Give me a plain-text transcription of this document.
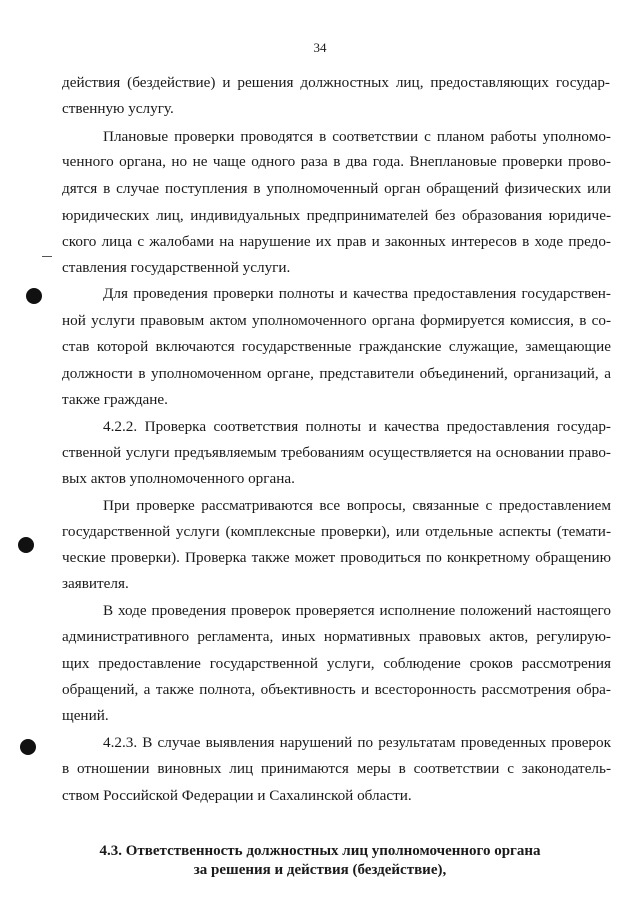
34
действия (бездействие) и решения должностных лиц, предоставляющих государ-
ственную услугу.
Плановые проверки проводятся в соответствии с планом работы уполномо-
ченного органа, но не чаще одного раза в два года. Внеплановые проверки прово-
дятся в случае поступления в уполномоченный орган обращений физических или
юридических лиц, индивидуальных предпринимателей без образования юридиче-
ского лица с жалобами на нарушение их прав и законных интересов в ходе предо-
ставления государственной услуги.
Для проведения проверки полноты и качества предоставления государствен-
ной услуги правовым актом уполномоченного органа формируется комиссия, в со-
став которой включаются государственные гражданские служащие, замещающие
должности в уполномоченном органе, представители объединений, организаций, а
также граждане.
4.2.2. Проверка соответствия полноты и качества предоставления государ-
ственной услуги предъявляемым требованиям осуществляется на основании право-
вых актов уполномоченного органа.
При проверке рассматриваются все вопросы, связанные с предоставлением
государственной услуги (комплексные проверки), или отдельные аспекты (темати-
ческие проверки). Проверка также может проводиться по конкретному обращению
заявителя.
В ходе проведения проверок проверяется исполнение положений настоящего
административного регламента, иных нормативных правовых актов, регулирую-
щих предоставление государственной услуги, соблюдение сроков рассмотрения
обращений, а также полнота, объективность и всесторонность рассмотрения обра-
щений.
4.2.3. В случае выявления нарушений по результатам проведенных проверок
в отношении виновных лиц принимаются меры в соответствии с законодатель-
ством Российской Федерации и Сахалинской области.
4.3. Ответственность должностных лиц уполномоченного органа
за решения и действия (бездействие),
